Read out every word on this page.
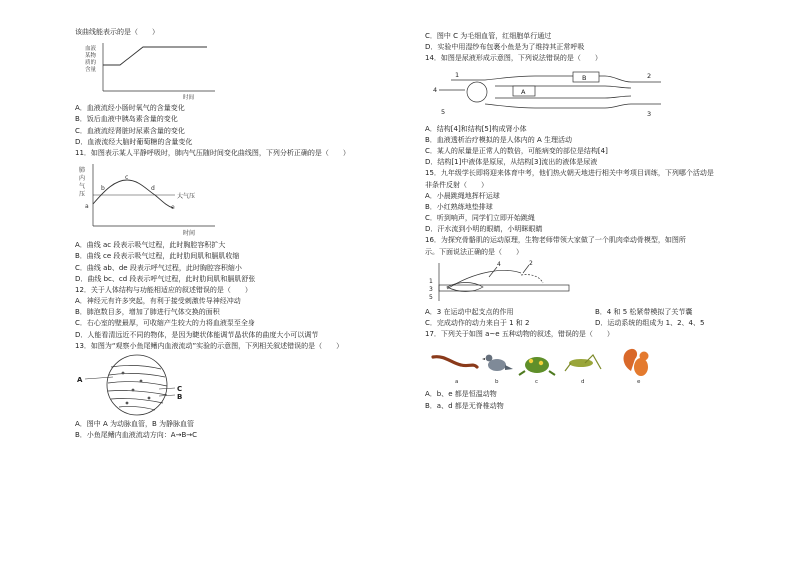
该曲线能表示的是（　　）
血液
某物
质的
含量
时间
A．血液流经小肠时氧气的含量变化
B．饭后血液中胰岛素含量的变化
C．血液流经肾脏时尿素含量的变化
D．血液流经大脑时葡萄糖的含量变化
11．如图表示某人平静呼吸时，肺内气压随时间变化曲线图，下列分析正确的是（　　）
肺
内
气
压
时间
大气压
a
b
c
d
e
A．曲线 ac 段表示吸气过程，此时胸腔容积扩大
B．曲线 ce 段表示吸气过程，此时肋间肌和膈肌收缩
C．曲线 ab、de 段表示呼气过程，此时胸腔容积缩小
D．曲线 bc、cd 段表示呼气过程，此时肋间肌和膈肌舒张
12．关于人体结构与功能相适应的叙述错误的是（　　）
A．神经元有许多突起，有利于接受刺激传导神经冲动
B．肺泡数目多，增加了肺进行气体交换的面积
C．右心室的壁最厚，可收缩产生较大的力将血液泵至全身
D．人能看清远近不同的物体，是因为睫状体能调节晶状体的曲度大小可以调节
13．如图为“观察小鱼尾鳍内血液流动”实验的示意图，下列相关叙述错误的是（　　）
A
C
B
A．图中 A 为动脉血管，B 为静脉血管
B．小鱼尾鳍内血液流动方向：A→B→C
C．图中 C 为毛细血管，红细胞单行通过
D．实验中用湿纱布包裹小鱼是为了维持其正常呼吸
14．如图是尿液形成示意图，下列说法错误的是（　　）
1	2
3
4
5
A
B
A．结构[4]和结构[5]构成肾小体
B．血液透析治疗模拟的是人体内的 A 生理活动
C．某人的尿量是正常人的数倍，可能病变的部位是结构[4]
D．结构[1]中液体是原尿，从结构[3]流出的液体是尿液
15．九年级学长即将迎来体育中考，他们热火朝天地进行相关中考项目训练，下列哪个活动是
非条件反射（　　）
A．小晨跳绳地挥杆运球
B．小红熟练地垫排球
C．听到响声，同学们立即开始跳绳
D．汗水流到小明的眼睛，小明眯眼睛
16．为探究骨骼肌的运动原理，生物老师带领大家做了一个肌肉牵动骨模型，如图所
示。下面说法正确的是（　　）
1
2
3
4
5
A．3 在运动中起支点的作用	B．4 和 5 松紧带模拟了关节囊
C．完成动作的动力来自于 1 和 2	D．运动系统的组成为 1、2、4、5
17．下列关于如图 a~e 五种动物的叙述，错误的是（　　）
a	b	c	d	e
A．b、e 都是恒温动物
B．a、d 都是无脊椎动物
